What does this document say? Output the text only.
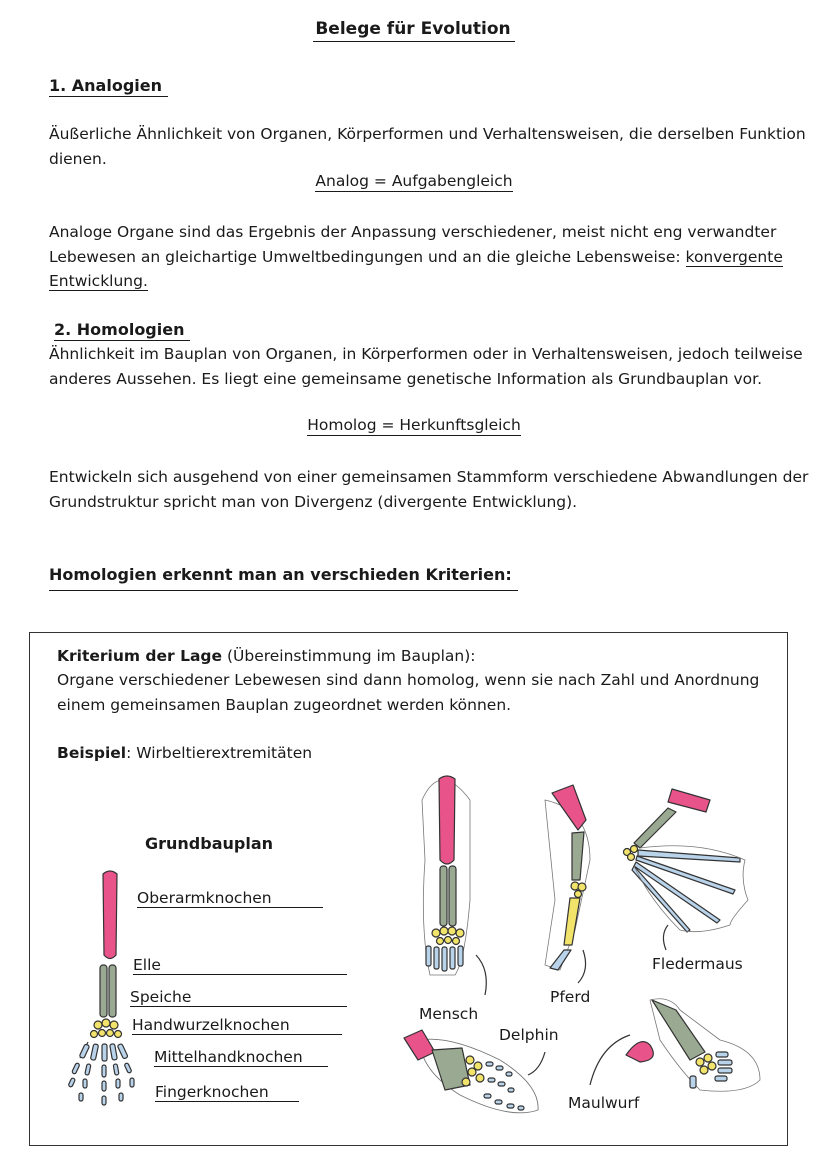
Belege für Evolution
1. Analogien
Äußerliche Ähnlichkeit von Organen, Körperformen und Verhaltensweisen, die derselben Funktion dienen.
Analog = Aufgabengleich
Analoge Organe sind das Ergebnis der Anpassung verschiedener, meist nicht eng verwandter Lebewesen an gleichartige Umweltbedingungen und an die gleiche Lebensweise: konvergente Entwicklung.
2. Homologien
Ähnlichkeit im Bauplan von Organen, in Körperformen oder in Verhaltensweisen, jedoch teilweise anderes Aussehen. Es liegt eine gemeinsame genetische Information als Grundbauplan vor.
Homolog = Herkunftsgleich
Entwickeln sich ausgehend von einer gemeinsamen Stammform verschiedene Abwandlungen der Grundstruktur spricht man von Divergenz (divergente Entwicklung).
Homologien erkennt man an verschieden Kriterien:
Kriterium der Lage (Übereinstimmung im Bauplan):
Organe verschiedener Lebewesen sind dann homolog, wenn sie nach Zahl und Anordnung einem gemeinsamen Bauplan zugeordnet werden können.
Beispiel: Wirbeltierextremitäten
Grundbauplan
Oberarmknochen
Elle
Speiche
Handwurzelknochen
Mittelhandknochen
Fingerknochen
Mensch
Pferd
Fledermaus
Delphin
Maulwurf
